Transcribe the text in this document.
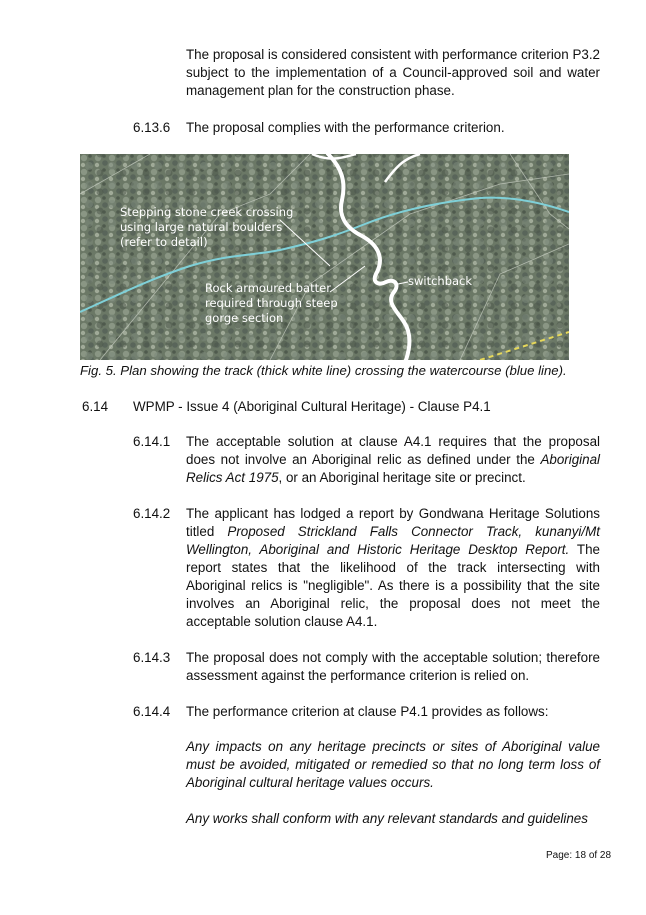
The proposal is considered consistent with performance criterion P3.2 subject to the implementation of a Council-approved soil and water management plan for the construction phase.

6.13.6 The proposal complies with the performance criterion.

Stepping stone creek crossing
using large natural boulders
(refer to detail)
Rock armoured batter
required through steep
gorge section
switchback
Fig. 5. Plan showing the track (thick white line) crossing the watercourse (blue line).
6.14 WPMP - Issue 4 (Aboriginal Cultural Heritage) - Clause P4.1
6.14.1 The acceptable solution at clause A4.1 requires that the proposal does not involve an Aboriginal relic as defined under the Aboriginal Relics Act 1975, or an Aboriginal heritage site or precinct.

6.14.2 The applicant has lodged a report by Gondwana Heritage Solutions titled Proposed Strickland Falls Connector Track, kunanyi/Mt Wellington, Aboriginal and Historic Heritage Desktop Report. The report states that the likelihood of the track intersecting with Aboriginal relics is "negligible". As there is a possibility that the site involves an Aboriginal relic, the proposal does not meet the acceptable solution clause A4.1.

6.14.3 The proposal does not comply with the acceptable solution; therefore assessment against the performance criterion is relied on.

6.14.4 The performance criterion at clause P4.1 provides as follows:

Any impacts on any heritage precincts or sites of Aboriginal value must be avoided, mitigated or remedied so that no long term loss of Aboriginal cultural heritage values occurs.

Any works shall conform with any relevant standards and guidelines

Page: 18 of 28
